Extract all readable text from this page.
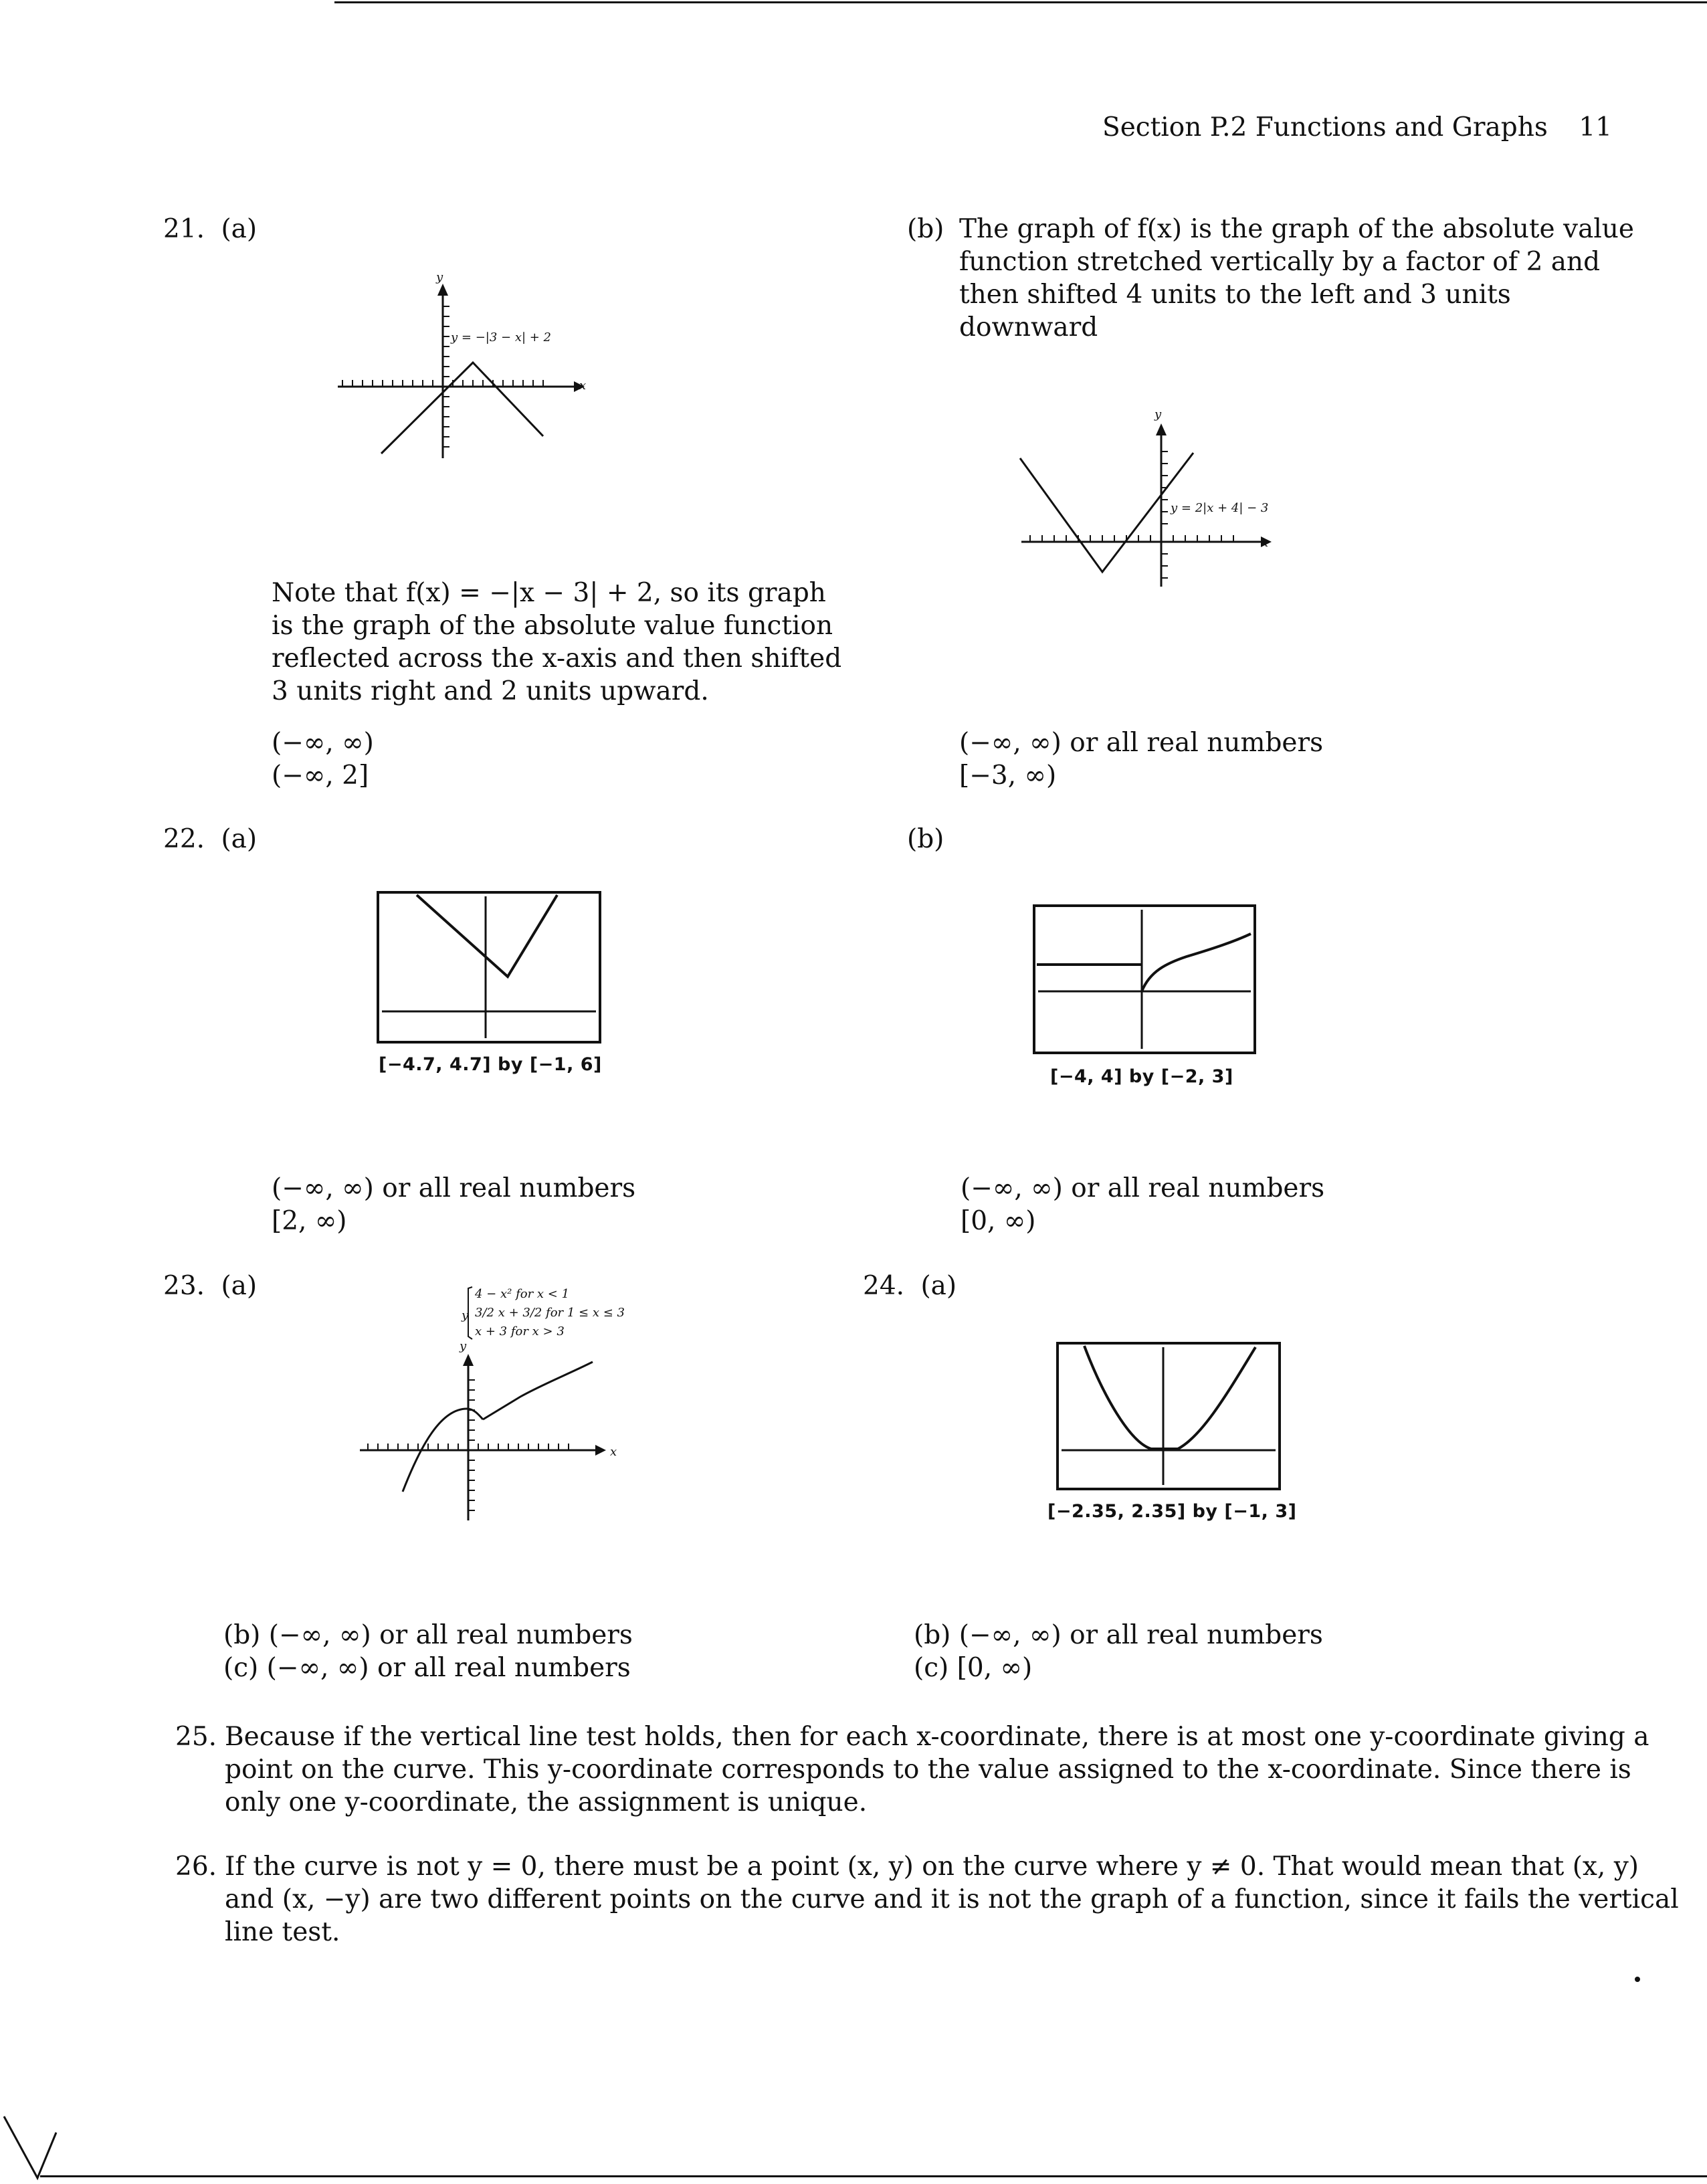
Section P.2 Functions and Graphs 11
21. (a)
y
x
y = −|3 − x| + 2
Note that f(x) = −|x − 3| + 2, so its graph
is the graph of the absolute value function
reflected across the x-axis and then shifted
3 units right and 2 units upward.
(−∞, ∞)
(−∞, 2]
(b) The graph of f(x) is the graph of the absolute value
function stretched vertically by a factor of 2 and
then shifted 4 units to the left and 3 units
downward
y
x
y = 2|x + 4| − 3
(−∞, ∞) or all real numbers
[−3, ∞)
22. (a)
[−4.7, 4.7] by [−1, 6]
(−∞, ∞) or all real numbers
[2, ∞)
(b)
[−4, 4] by [−2, 3]
(−∞, ∞) or all real numbers
[0, ∞)
23. (a)	4 − x² for x < 1
3/2 x + 3/2 for 1 ≤ x ≤ 3
x + 3 for x > 3
y
y
x
(b) (−∞, ∞) or all real numbers
(c) (−∞, ∞) or all real numbers
24. (a)
[−2.35, 2.35] by [−1, 3]
(b) (−∞, ∞) or all real numbers
(c) [0, ∞)
25. Because if the vertical line test holds, then for each x-coordinate, there is at most one y-coordinate giving a
point on the curve. This y-coordinate corresponds to the value assigned to the x-coordinate. Since there is
only one y-coordinate, the assignment is unique.
26. If the curve is not y = 0, there must be a point (x, y) on the curve where y ≠ 0. That would mean that (x, y)
and (x, −y) are two different points on the curve and it is not the graph of a function, since it fails the vertical
line test.
